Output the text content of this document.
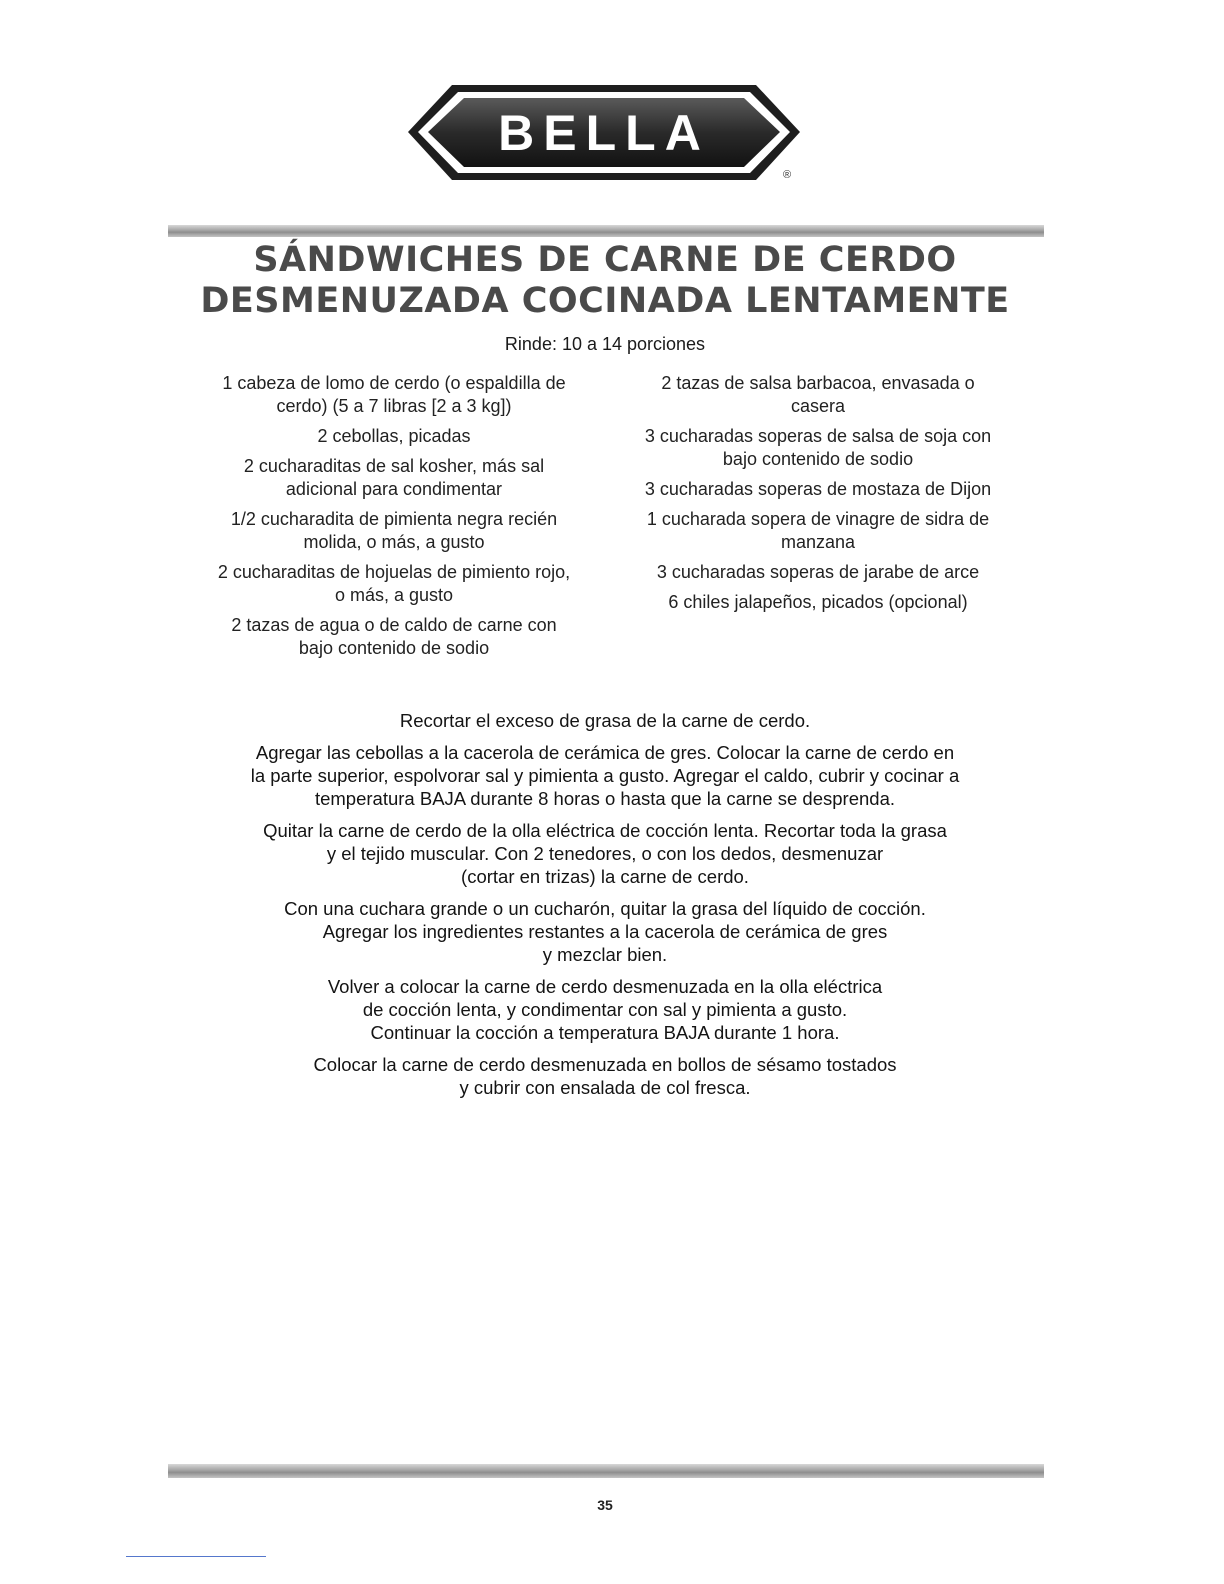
BELLA
®
SÁNDWICHES DE CARNE DE CERDO
DESMENUZADA COCINADA LENTAMENTE
Rinde: 10 a 14 porciones
1 cabeza de lomo de cerdo (o espaldilla de
cerdo) (5 a 7 libras [2 a 3 kg])
2 cebollas, picadas
2 cucharaditas de sal kosher, más sal
adicional para condimentar
1/2 cucharadita de pimienta negra recién
molida, o más, a gusto
2 cucharaditas de hojuelas de pimiento rojo,
o más, a gusto
2 tazas de agua o de caldo de carne con
bajo contenido de sodio
2 tazas de salsa barbacoa, envasada o
casera
3 cucharadas soperas de salsa de soja con
bajo contenido de sodio
3 cucharadas soperas de mostaza de Dijon
1 cucharada sopera de vinagre de sidra de
manzana
3 cucharadas soperas de jarabe de arce
6 chiles jalapeños, picados (opcional)
Recortar el exceso de grasa de la carne de cerdo.
Agregar las cebollas a la cacerola de cerámica de gres. Colocar la carne de cerdo en
la parte superior, espolvorar sal y pimienta a gusto. Agregar el caldo, cubrir y cocinar a
temperatura BAJA durante 8 horas o hasta que la carne se desprenda.
Quitar la carne de cerdo de la olla eléctrica de cocción lenta. Recortar toda la grasa
y el tejido muscular. Con 2 tenedores, o con los dedos, desmenuzar
(cortar en trizas) la carne de cerdo.
Con una cuchara grande o un cucharón, quitar la grasa del líquido de cocción.
Agregar los ingredientes restantes a la cacerola de cerámica de gres
y mezclar bien.
Volver a colocar la carne de cerdo desmenuzada en la olla eléctrica
de cocción lenta, y condimentar con sal y pimienta a gusto.
Continuar la cocción a temperatura BAJA durante 1 hora.
Colocar la carne de cerdo desmenuzada en bollos de sésamo tostados
y cubrir con ensalada de col fresca.
35
